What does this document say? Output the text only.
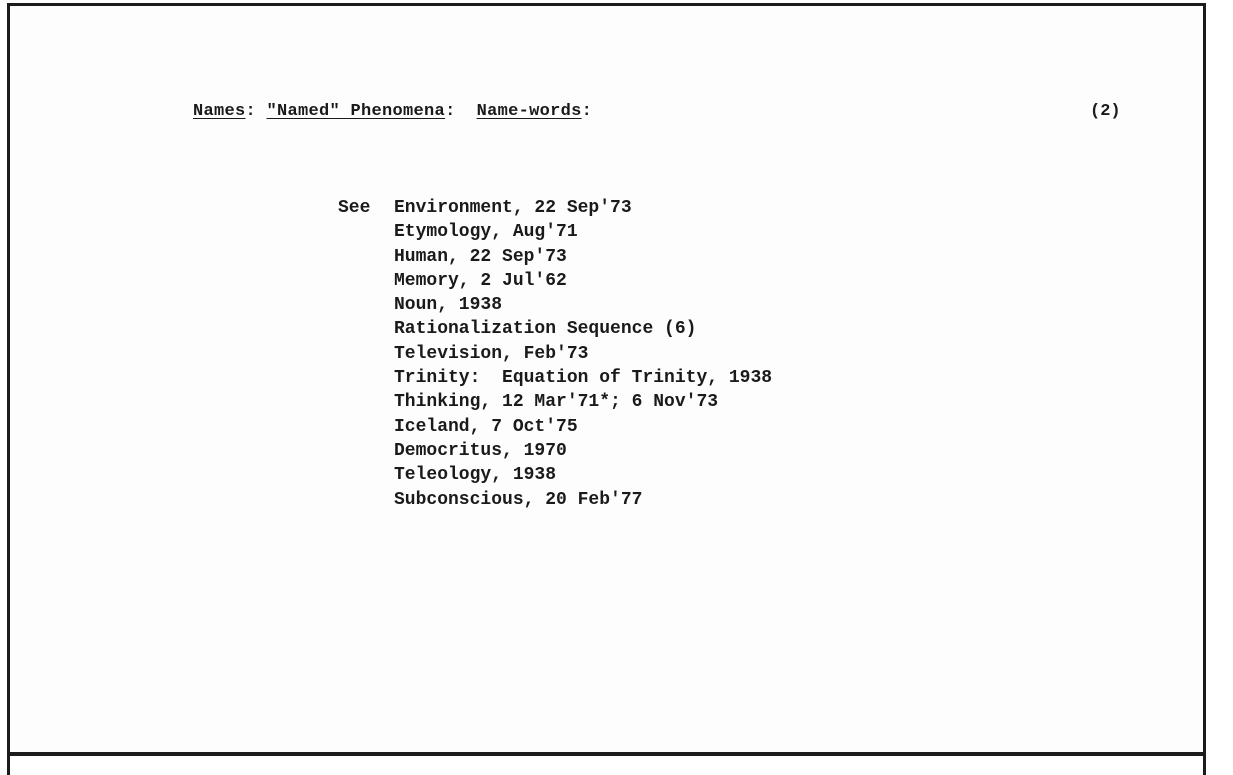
Names: "Named" Phenomena:  Name-words:	(2)
See Environment, 22 Sep'73
Etymology, Aug'71
Human, 22 Sep'73
Memory, 2 Jul'62
Noun, 1938
Rationalization Sequence (6)
Television, Feb'73
Trinity:  Equation of Trinity, 1938
Thinking, 12 Mar'71*; 6 Nov'73
Iceland, 7 Oct'75
Democritus, 1970
Teleology, 1938
Subconscious, 20 Feb'77
